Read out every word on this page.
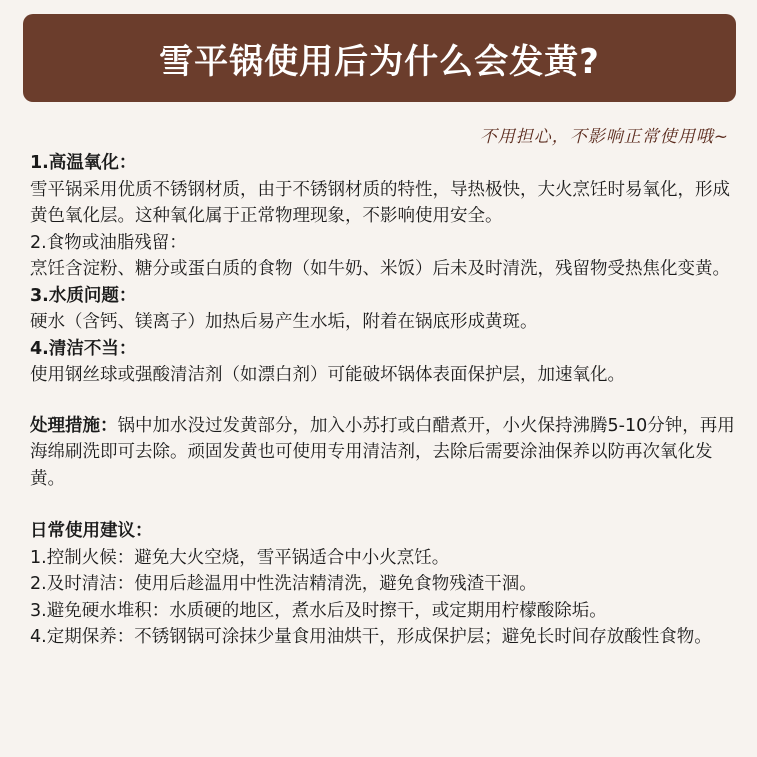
雪平锅使用后为什么会发黄?
不用担心，不影响正常使用哦~

1.高温氧化：

雪平锅采用优质不锈钢材质，由于不锈钢材质的特性，导热极快，大火烹饪时易氧化，形成黄色氧化层。这种氧化属于正常物理现象，不影响使用安全。

2.食物或油脂残留：

烹饪含淀粉、糖分或蛋白质的食物（如牛奶、米饭）后未及时清洗，残留物受热焦化变黄。

3.水质问题：

硬水（含钙、镁离子）加热后易产生水垢，附着在锅底形成黄斑。

4.清洁不当：

使用钢丝球或强酸清洁剂（如漂白剂）可能破坏锅体表面保护层，加速氧化。

处理措施：锅中加水没过发黄部分，加入小苏打或白醋煮开，小火保持沸腾5-10分钟，再用海绵刷洗即可去除。顽固发黄也可使用专用清洁剂，去除后需要涂油保养以防再次氧化发黄。

日常使用建议：

1.控制火候：避免大火空烧，雪平锅适合中小火烹饪。

2.及时清洁：使用后趁温用中性洗洁精清洗，避免食物残渣干涸。

3.避免硬水堆积：水质硬的地区，煮水后及时擦干，或定期用柠檬酸除垢。

4.定期保养：不锈钢锅可涂抹少量食用油烘干，形成保护层；避免长时间存放酸性食物。
